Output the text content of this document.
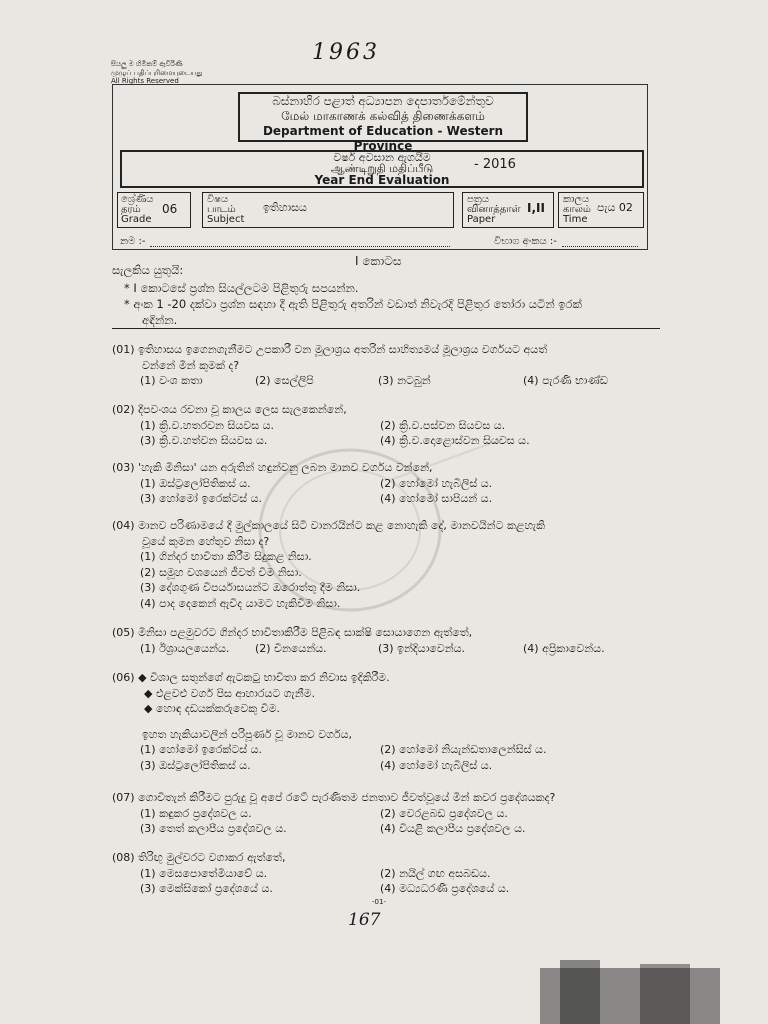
1963
සියලු ම හිමිකම් ඇවිරිණි
முழுப் பதிப்புரிமையுடையது
All Rights Reserved
බස්නාහිර පළාත් අධ්‍යාපන දෙපාර්තමේන්තුව
மேல் மாகாணக் கல்வித் திணைக்களம்
Department of Education - Western Province
වර්ෂ අවසාන ඇගයීම
ஆண்டிறுதி மதிப்பீடு
Year End Evaluation
- 2016
ශ්‍රේණිය
தரம்
Grade
06
විෂය
பாடம்
Subject
ඉතිහාසය
පත්‍රය
வினாத்தாள்
Paper
I,II
කාලය
காலம்
Time
පැය 02
නම :-	විභාග අංකය :-
I කොටස
සැලකිය යුතුයි:
* I කොටසේ ප්‍රශ්න සියල්ලටම පිළිතුරු සපයන්න.
* අංක 1 -20 දක්වා ප්‍රශ්න සඳහා දී ඇති පිළිතුරු අතරින් වඩාත් නිවැරදි පිළිතුර තෝරා යටින් ඉරක්
අඳින්න.
(01) ඉතිහාසය ඉගෙනගැනීමට උපකාරී වන මූලාශ්‍රය අතරින් සාහිත්‍යමය් මූලාශ්‍රය වර්ගයට අයත්
වන්නේ මින් කුමක් ද?
(1) වංශ කතා	(2) සෙල්ලිපි	(3) නටබුන්	(4) පැරණි භාණ්ඩ
(02) දීපවංශය රචනා වූ කාලය ලෙස සැලකෙන්නේ,
(1) ක්‍රි.ව.හතරවන සියවස ය.	(2) ක්‍රි.ව.පස්වන සියවස ය.
(3) ක්‍රි.ව.හත්වන සියවස ය.	(4) ක්‍රි.ව.දොළොස්වන සියවස ය.
(03) 'හැකි මිනිසා' යන අරුතින් හඳුන්වනු ලබන මානව වර්ගය වන්නේ,
(1) ඔස්ට්‍රලෝපිතිකස් ය.	(2) හෝමෝ හැබිලිස් ය.
(3) හෝමෝ ඉරෙක්ටස් ය.	(4) හෝමෝ සාපියන් ය.
(04) මානව පරිණාමයේ දී මුල්කාලයේ සිටි වානරයින්ට කළ නොහැකි දේ, මානවයින්ට කළහැකි
වූයේ කුමන හේතුව නිසා ද?
(1) ගින්දර භාවිතා කිරීම සිදුකළ නිසා.
(2) සමූහ වශයෙන් ජීවත් වීම නිසා.
(3) දේශගුණ විපර්යාසයන්ට ඔරොත්තු දීම නිසා.
(4) පාද දෙකෙන් ඇවිද යාමට හැකිවීම නිසා.
(05) මිනිසා පළමුවරට ගින්දර භාවිතාකිරීම පිළිබඳ සාක්ෂි සොයාගෙන ඇත්තේ,
(1) ඊශ්‍රායලයෙන්ය.	(2) චීනයෙන්ය.	(3) ඉන්දියාවෙන්ය.	(4) අප්‍රිකාවෙන්ය.
(06) ◆ විශාල සතුන්ගේ ඇටකටු භාවිතා කර නිවාස ඉදිකිරීම.
◆ එළවළු වර්ග පිස ආහාරයට ගැනීම.
◆ හොඳ දඩයක්කරුවෙකු වීම.
ඉහත හැකියාවලින් පරිපූර්ණ වූ මානව වර්ගය,
(1) හෝමෝ ඉරෙක්ටස් ය.	(2) හෝමෝ නියැන්ඩතාලෙන්සිස් ය.
(3) ඔස්ට්‍රලෝපිතිකස් ය.	(4) හෝමෝ හැබිලිස් ය.
(07) ගොවිතැන් කිරීමට පුරුදු වූ අපේ රටේ පැරණිතම ජනතාව ජීවත්වූයේ මින් කවර ප්‍රදේශයකද?
(1) කඳුකර ප්‍රදේශවල ය.	(2) වෙරළබඩ ප්‍රදේශවල ය.
(3) තෙත් කලාපීය ප්‍රදේශවල ය.	(4) වියළි කලාපීය ප්‍රදේශවල ය.
(08) තිරිඟු මුල්වරට වගාකර ඇත්තේ,
(1) මෙසපොතේමියාවේ ය.	(2) නයිල් ගඟ අසබඩය.
(3) මෙක්සිකෝ ප්‍රදේශයේ ය.	(4) මධ්‍යධරණී ප්‍රදේශයේ ය.
-01-
167
